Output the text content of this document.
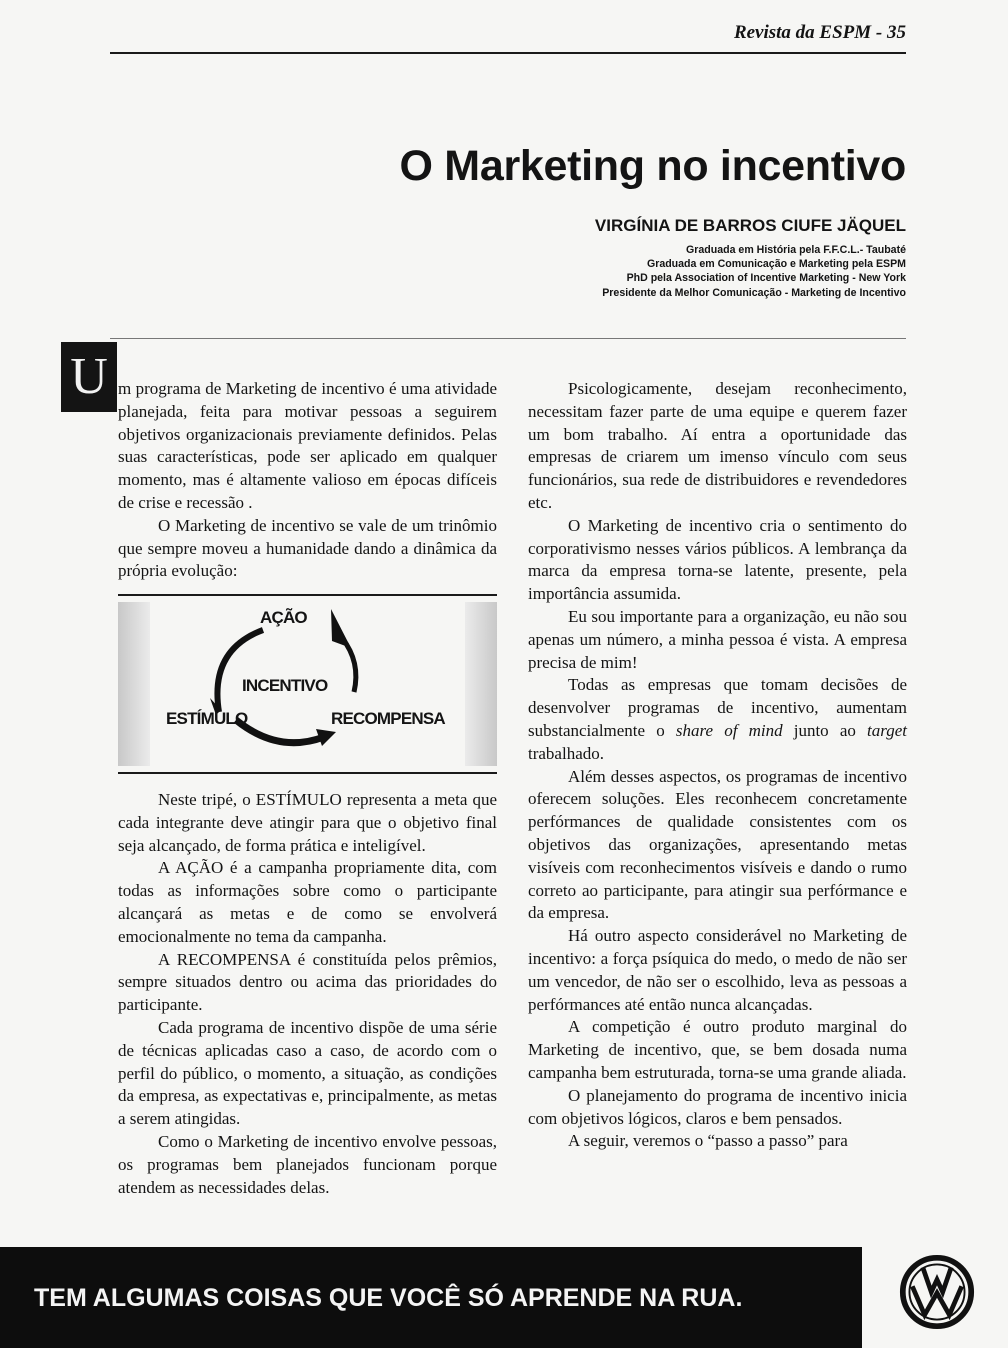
Revista da ESPM - 35
O Marketing no incentivo
VIRGÍNIA DE BARROS CIUFE JÄQUEL
Graduada em História pela F.F.C.L.- Taubaté
Graduada em Comunicação e Marketing pela ESPM
PhD pela Association of Incentive Marketing - New York
Presidente da Melhor Comunicação - Marketing de Incentivo
U m programa de Marketing de incentivo é uma atividade planejada, feita para motivar pessoas a seguirem objetivos organizacionais previamente definidos. Pelas suas características, pode ser aplicado em qualquer momento, mas é altamente valioso em épocas difíceis de crise e recessão .

O Marketing de incentivo se vale de um trinômio que sempre moveu a humanidade dando a dinâmica da própria evolução:

AÇÃO
INCENTIVO
ESTÍMULO	RECOMPENSA

Neste tripé, o ESTÍMULO representa a meta que cada integrante deve atingir para que o objetivo final seja alcançado, de forma prática e inteligível.

A AÇÃO é a campanha propriamente dita, com todas as informações sobre como o participante alcançará as metas e de como se envolverá emocionalmente no tema da campanha.

A RECOMPENSA é constituída pelos prêmios, sempre situados dentro ou acima das prioridades do participante.

Cada programa de incentivo dispõe de uma série de técnicas aplicadas caso a caso, de acordo com o perfil do público, o momento, a situação, as condições da empresa, as expectativas e, principalmente, as metas a serem atingidas.

Como o Marketing de incentivo envolve pessoas, os programas bem planejados funcionam porque atendem as necessidades delas.

Psicologicamente, desejam reconhecimento, necessitam fazer parte de uma equipe e querem fazer um bom trabalho. Aí entra a oportunidade das empresas de criarem um imenso vínculo com seus funcionários, sua rede de distribuidores e revendedores etc.

O Marketing de incentivo cria o sentimento do corporativismo nesses vários públicos. A lembrança da marca da empresa torna-se latente, presente, pela importância assumida.

Eu sou importante para a organização, eu não sou apenas um número, a minha pessoa é vista. A empresa precisa de mim!

Todas as empresas que tomam decisões de desenvolver programas de incentivo, aumentam substancialmente o share of mind junto ao target trabalhado.

Além desses aspectos, os programas de incentivo oferecem soluções. Eles reconhecem concretamente perfórmances de qualidade consistentes com os objetivos das organizações, apresentando metas visíveis com reconhecimentos visíveis e dando o rumo correto ao participante, para atingir sua perfórmance e da empresa.

Há outro aspecto considerável no Marketing de incentivo: a força psíquica do medo, o medo de não ser um vencedor, de não ser o escolhido, leva as pessoas a perfórmances até então nunca alcançadas.

A competição é outro produto marginal do Marketing de incentivo, que, se bem dosada numa campanha bem estruturada, torna-se uma grande aliada.

O planejamento do programa de incentivo inicia com objetivos lógicos, claros e bem pensados.

A seguir, veremos o “passo a passo” para

TEM ALGUMAS COISAS QUE VOCÊ SÓ APRENDE NA RUA.
